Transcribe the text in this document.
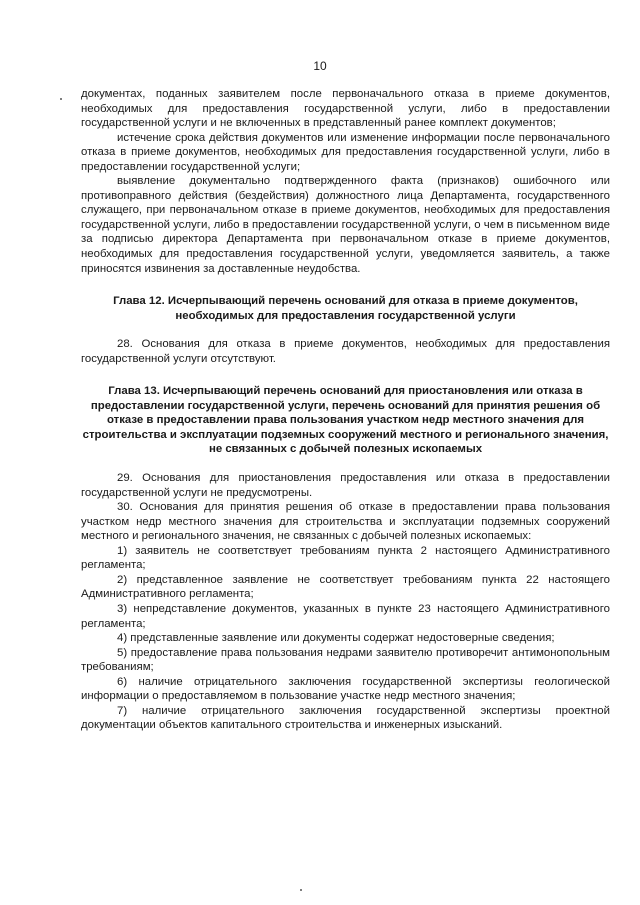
10

документах, поданных заявителем после первоначального отказа в приеме документов, необходимых для предоставления государственной услуги, либо в предоставлении государственной услуги и не включенных в представленный ранее комплект документов;

истечение срока действия документов или изменение информации после первоначального отказа в приеме документов, необходимых для предоставления государственной услуги, либо в предоставлении государственной услуги;

выявление документально подтвержденного факта (признаков) ошибочного или противоправного действия (бездействия) должностного лица Департамента, государственного служащего, при первоначальном отказе в приеме документов, необходимых для предоставления государственной услуги, либо в предоставлении государственной услуги, о чем в письменном виде за подписью директора Департамента при первоначальном отказе в приеме документов, необходимых для предоставления государственной услуги, уведомляется заявитель, а также приносятся извинения за доставленные неудобства.

Глава 12. Исчерпывающий перечень оснований для отказа в приеме документов, необходимых для предоставления государственной услуги

28. Основания для отказа в приеме документов, необходимых для предоставления государственной услуги отсутствуют.

Глава 13. Исчерпывающий перечень оснований для приостановления или отказа в предоставлении государственной услуги, перечень оснований для принятия решения об отказе в предоставлении права пользования участком недр местного значения для строительства и эксплуатации подземных сооружений местного и регионального значения, не связанных с добычей полезных ископаемых

29. Основания для приостановления предоставления или отказа в предоставлении государственной услуги не предусмотрены.

30. Основания для принятия решения об отказе в предоставлении права пользования участком недр местного значения для строительства и эксплуатации подземных сооружений местного и регионального значения, не связанных с добычей полезных ископаемых:

1) заявитель не соответствует требованиям пункта 2 настоящего Административного регламента;

2) представленное заявление не соответствует требованиям пункта 22 настоящего Административного регламента;

3) непредставление документов, указанных в пункте 23 настоящего Административного регламента;

4) представленные заявление или документы содержат недостоверные сведения;

5) предоставление права пользования недрами заявителю противоречит антимонопольным требованиям;

6) наличие отрицательного заключения государственной экспертизы геологической информации о предоставляемом в пользование участке недр местного значения;

7) наличие отрицательного заключения государственной экспертизы проектной документации объектов капитального строительства и инженерных изысканий.
